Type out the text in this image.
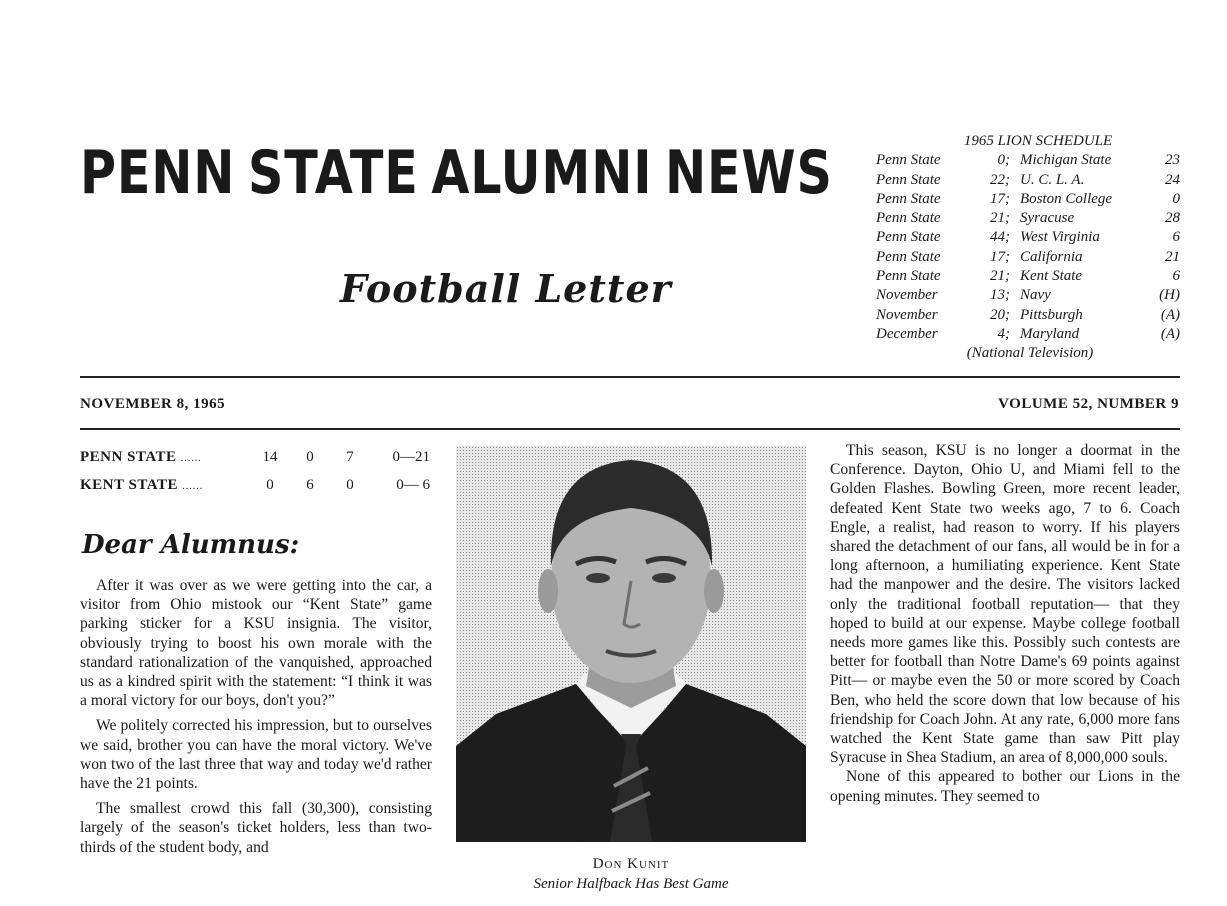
PENN STATE ALUMNI NEWS
Football Letter
1965 LION SCHEDULE
Penn State	0; Michigan State	23
Penn State	22; U. C. L. A.	24
Penn State	17; Boston College	0
Penn State	21; Syracuse	28
Penn State	44; West Virginia	6
Penn State	17; California	21
Penn State	21; Kent State	6
November	13; Navy	(H)
November	20; Pittsburgh	(A)
December	4; Maryland	(A)
(National Television)
NOVEMBER 8, 1965	VOLUME 52, NUMBER 9
PENN STATE ......	14	0	7	0—21
KENT STATE ......	0	6	0	0— 6
Dear Alumnus:

After it was over as we were getting into the car, a visitor from Ohio mistook our “Kent State” game parking sticker for a KSU insignia. The visitor, obviously trying to boost his own morale with the standard rationalization of the vanquished, approached us as a kindred spirit with the statement: “I think it was a moral victory for our boys, don't you?”

We politely corrected his impression, but to ourselves we said, brother you can have the moral victory. We've won two of the last three that way and today we'd rather have the 21 points.

The smallest crowd this fall (30,300), consisting largely of the season's ticket holders, less than two-thirds of the student body, and

Don Kunit
Senior Halfback Has Best Game

This season, KSU is no longer a doormat in the Conference. Dayton, Ohio U, and Miami fell to the Golden Flashes. Bowling Green, more recent leader, defeated Kent State two weeks ago, 7 to 6. Coach Engle, a realist, had reason to worry. If his players shared the detachment of our fans, all would be in for a long afternoon, a humiliating experience. Kent State had the manpower and the desire. The visitors lacked only the traditional football reputation— that they hoped to build at our expense. Maybe college football needs more games like this. Possibly such contests are better for football than Notre Dame's 69 points against Pitt— or maybe even the 50 or more scored by Coach Ben, who held the score down that low because of his friendship for Coach John. At any rate, 6,000 more fans watched the Kent State game than saw Pitt play Syracuse in Shea Stadium, an area of 8,000,000 souls.

None of this appeared to bother our Lions in the opening minutes. They seemed to
